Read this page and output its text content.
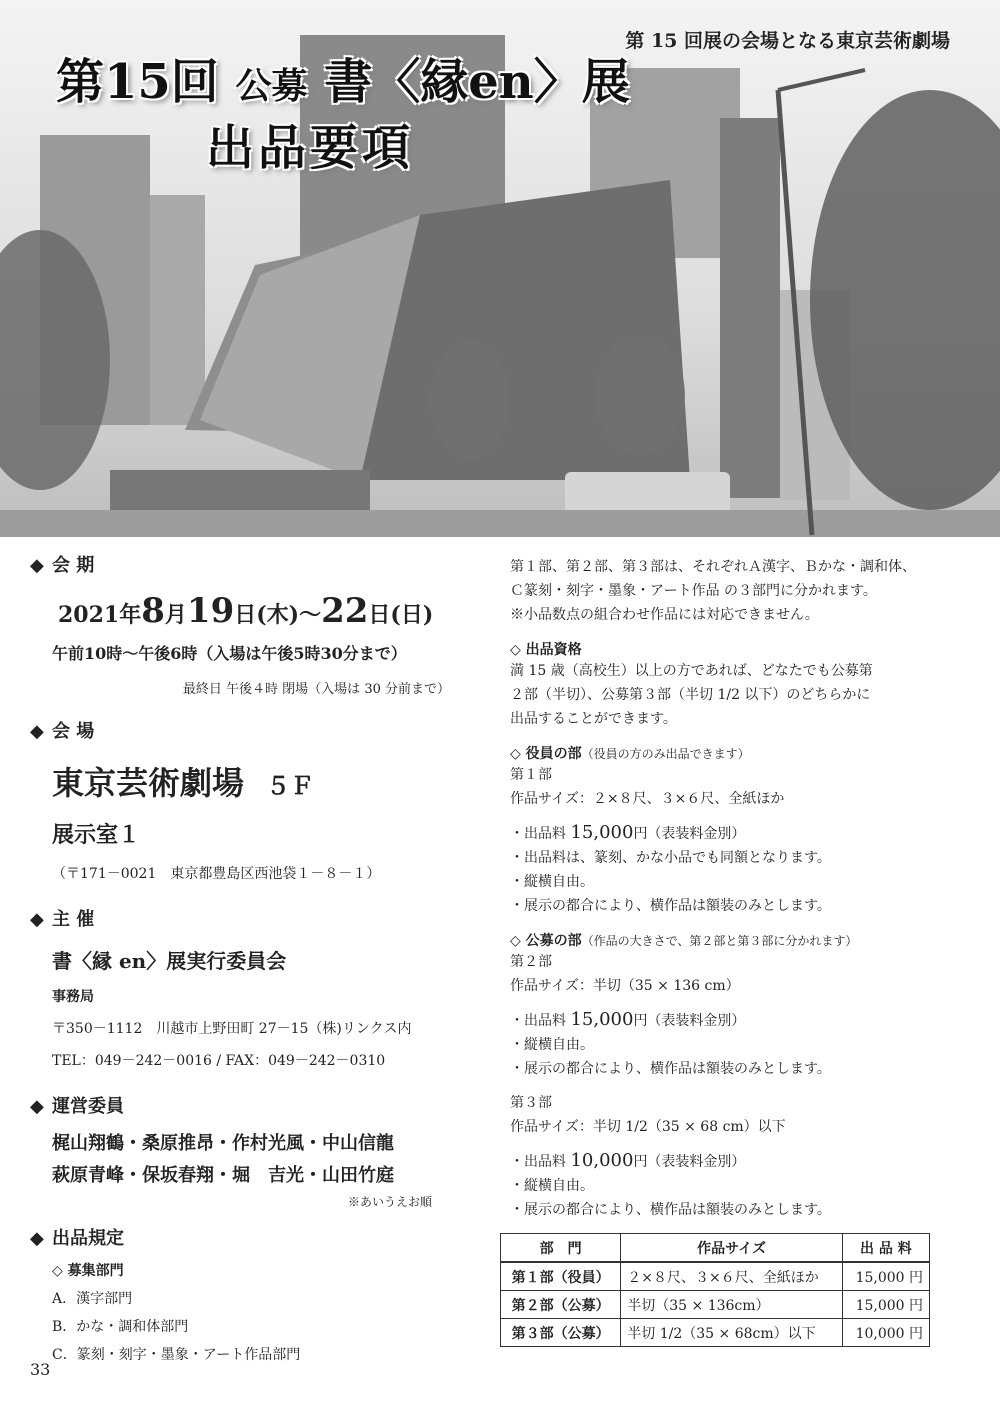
第 15 回展の会場となる東京芸術劇場
第15回 公募 書〈縁en〉展
出品要項
◆ 会 期
2021年8月19日(木)〜22日(日)
午前10時〜午後6時（入場は午後5時30分まで）
最終日 午後４時 閉場（入場は 30 分前まで）
◆ 会 場
東京芸術劇場 ５Ｆ
展示室１
（〒171－0021　東京都豊島区西池袋１－８－１）
◆ 主 催
書〈縁 en〉展実行委員会
事務局
〒350－1112　川越市上野田町 27－15（株)リンクス内
TEL：049－242－0016 / FAX：049－242－0310
◆ 運営委員
梶山翔鶴・桑原推昂・作村光風・中山信龍
萩原青峰・保坂春翔・堀　吉光・山田竹庭
※あいうえお順
◆ 出品規定
◇ 募集部門
A．漢字部門
B．かな・調和体部門
C．篆刻・刻字・墨象・アート作品部門

第１部、第２部、第３部は、それぞれＡ漢字、Ｂかな・調和体、

Ｃ篆刻・刻字・墨象・アート作品 の３部門に分かれます。

※小品数点の組合わせ作品には対応できません。

◇ 出品資格

満 15 歳（高校生）以上の方であれば、どなたでも公募第

２部（半切）、公募第３部（半切 1/2 以下）のどちらかに

出品することができます。

◇ 役員の部（役員の方のみ出品できます）

第１部

作品サイズ：２×８尺、３×６尺、全紙ほか

・出品料 15,000円（表装料金別）

・出品料は、篆刻、かな小品でも同額となります。

・縦横自由。

・展示の都合により、横作品は額装のみとします。

◇ 公募の部（作品の大きさで、第２部と第３部に分かれます）

第２部

作品サイズ：半切（35 × 136 cm）

・出品料 15,000円（表装料金別）

・縦横自由。

・展示の都合により、横作品は額装のみとします。

第３部

作品サイズ：半切 1/2（35 × 68 cm）以下

・出品料 10,000円（表装料金別）

・縦横自由。

・展示の都合により、横作品は額装のみとします。

部　門	作品サイズ	出 品 料
第１部（役員）	２×８尺、３×６尺、全紙ほか	15,000 円
第２部（公募）	半切（35 × 136cm）	15,000 円
第３部（公募）	半切 1/2（35 × 68cm）以下	10,000 円
33
